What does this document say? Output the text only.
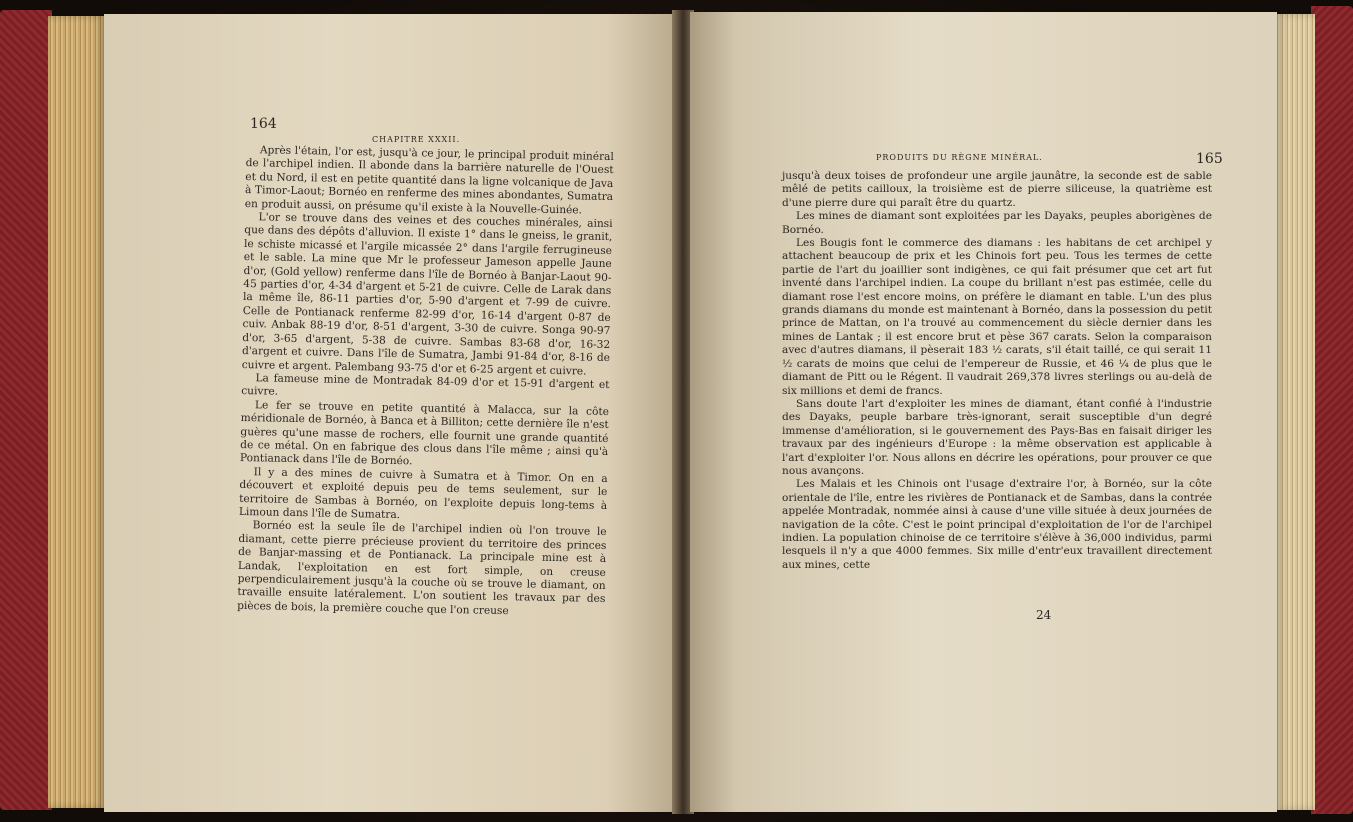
164
CHAPITRE XXXII.

Après l'étain, l'or est, jusqu'à ce jour, le principal produit minéral de l'archipel indien. Il abonde dans la barrière naturelle de l'Ouest et du Nord, il est en petite quantité dans la ligne volcanique de Java à Timor-Laout; Bornéo en renferme des mines abondantes, Sumatra en produit aussi, on présume qu'il existe à la Nouvelle-Guinée.

L'or se trouve dans des veines et des couches minérales, ainsi que dans des dépôts d'alluvion. Il existe 1° dans le gneiss, le granit, le schiste micassé et l'argile micassée 2° dans l'argile ferrugineuse et le sable. La mine que Mr le professeur Jameson appelle Jaune d'or, (Gold yellow) renferme dans l'île de Bornéo à Banjar-Laout 90-45 parties d'or, 4-34 d'argent et 5-21 de cuivre. Celle de Larak dans la même île, 86-11 parties d'or, 5-90 d'argent et 7-99 de cuivre. Celle de Pontianack renferme 82-99 d'or, 16-14 d'argent 0-87 de cuiv. Anbak 88-19 d'or, 8-51 d'argent, 3-30 de cuivre. Songa 90-97 d'or, 3-65 d'argent, 5-38 de cuivre. Sambas 83-68 d'or, 16-32 d'argent et cuivre. Dans l'île de Sumatra, Jambi 91-84 d'or, 8-16 de cuivre et argent. Palembang 93-75 d'or et 6-25 argent et cuivre.

La fameuse mine de Montradak 84-09 d'or et 15-91 d'argent et cuivre.

Le fer se trouve en petite quantité à Malacca, sur la côte méridionale de Bornéo, à Banca et à Billiton; cette dernière île n'est guères qu'une masse de rochers, elle fournit une grande quantité de ce métal. On en fabrique des clous dans l'île même ; ainsi qu'à Pontianack dans l'île de Bornéo.

Il y a des mines de cuivre à Sumatra et à Timor. On en a découvert et exploité depuis peu de tems seulement, sur le territoire de Sambas à Bornéo, on l'exploite depuis long-tems à Limoun dans l'île de Sumatra.

Bornéo est la seule île de l'archipel indien où l'on trouve le diamant, cette pierre précieuse provient du territoire des princes de Banjar-massing et de Pontianack. La principale mine est à Landak, l'exploitation en est fort simple, on creuse perpendiculairement jusqu'à la couche où se trouve le diamant, on travaille ensuite latéralement. L'on soutient les travaux par des pièces de bois, la première couche que l'on creuse

PRODUITS DU RÈGNE MINÉRAL.	165

jusqu'à deux toises de profondeur une argile jaunâtre, la seconde est de sable mêlé de petits cailloux, la troisième est de pierre siliceuse, la quatrième est d'une pierre dure qui paraît être du quartz.

Les mines de diamant sont exploitées par les Dayaks, peuples aborigènes de Bornéo.

Les Bougis font le commerce des diamans : les habitans de cet archipel y attachent beaucoup de prix et les Chinois fort peu. Tous les termes de cette partie de l'art du joaillier sont indigènes, ce qui fait présumer que cet art fut inventé dans l'archipel indien. La coupe du brillant n'est pas estimée, celle du diamant rose l'est encore moins, on préfère le diamant en table. L'un des plus grands diamans du monde est maintenant à Bornéo, dans la possession du petit prince de Mattan, on l'a trouvé au commencement du siècle dernier dans les mines de Lantak ; il est encore brut et pèse 367 carats. Selon la comparaison avec d'autres diamans, il pèserait 183 ½ carats, s'il était taillé, ce qui serait 11 ½ carats de moins que celui de l'empereur de Russie, et 46 ¼ de plus que le diamant de Pitt ou le Régent. Il vaudrait 269,378 livres sterlings ou au-delà de six millions et demi de francs.

Sans doute l'art d'exploiter les mines de diamant, étant confié à l'industrie des Dayaks, peuple barbare très-ignorant, serait susceptible d'un degré immense d'amélioration, si le gouvernement des Pays-Bas en faisait diriger les travaux par des ingénieurs d'Europe : la même observation est applicable à l'art d'exploiter l'or. Nous allons en décrire les opérations, pour prouver ce que nous avançons.

Les Malais et les Chinois ont l'usage d'extraire l'or, à Bornéo, sur la côte orientale de l'île, entre les rivières de Pontianack et de Sambas, dans la contrée appelée Montradak, nommée ainsi à cause d'une ville située à deux journées de navigation de la côte. C'est le point principal d'exploitation de l'or de l'archipel indien. La population chinoise de ce territoire s'élève à 36,000 individus, parmi lesquels il n'y a que 4000 femmes. Six mille d'entr'eux travaillent directement aux mines, cette

24
